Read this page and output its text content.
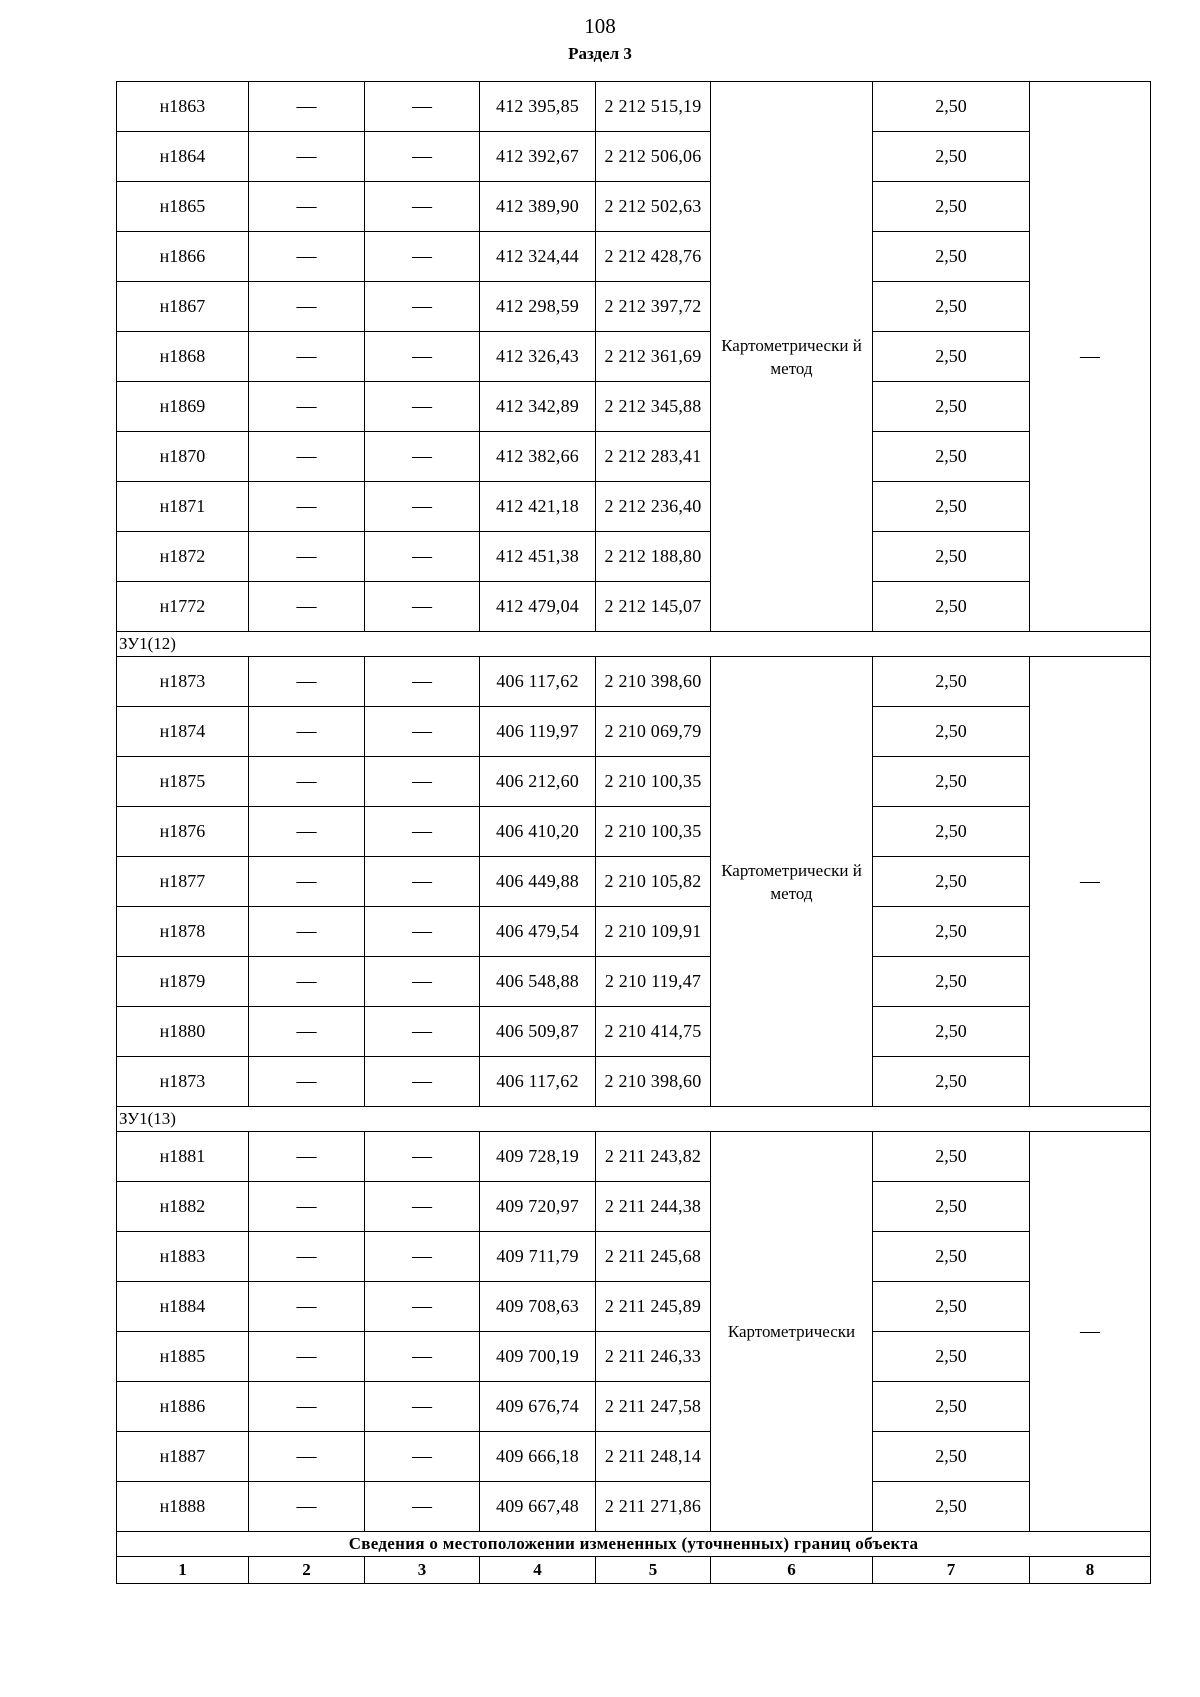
108
Раздел 3
н1863	—	—	412 395,85	2 212 515,19	Картометрически й метод	2,50	—
н1864	—	—	412 392,67	2 212 506,06		2,50	
н1865	—	—	412 389,90	2 212 502,63		2,50	
н1866	—	—	412 324,44	2 212 428,76		2,50	
н1867	—	—	412 298,59	2 212 397,72		2,50	
н1868	—	—	412 326,43	2 212 361,69		2,50	
н1869	—	—	412 342,89	2 212 345,88		2,50	
н1870	—	—	412 382,66	2 212 283,41		2,50	
н1871	—	—	412 421,18	2 212 236,40		2,50	
н1872	—	—	412 451,38	2 212 188,80		2,50	
н1772	—	—	412 479,04	2 212 145,07		2,50	
ЗУ1(12)							
н1873	—	—	406 117,62	2 210 398,60	Картометрически й метод	2,50	—
н1874	—	—	406 119,97	2 210 069,79		2,50	
н1875	—	—	406 212,60	2 210 100,35		2,50	
н1876	—	—	406 410,20	2 210 100,35		2,50	
н1877	—	—	406 449,88	2 210 105,82		2,50	
н1878	—	—	406 479,54	2 210 109,91		2,50	
н1879	—	—	406 548,88	2 210 119,47		2,50	
н1880	—	—	406 509,87	2 210 414,75		2,50	
н1873	—	—	406 117,62	2 210 398,60		2,50	
ЗУ1(13)							
н1881	—	—	409 728,19	2 211 243,82	Картометрически	2,50	—
н1882	—	—	409 720,97	2 211 244,38		2,50	
н1883	—	—	409 711,79	2 211 245,68		2,50	
н1884	—	—	409 708,63	2 211 245,89		2,50	
н1885	—	—	409 700,19	2 211 246,33		2,50	
н1886	—	—	409 676,74	2 211 247,58		2,50	
н1887	—	—	409 666,18	2 211 248,14		2,50	
н1888	—	—	409 667,48	2 211 271,86		2,50	
Сведения о местоположении измененных (уточненных) границ объекта							
1	2	3	4	5	6	7	8
